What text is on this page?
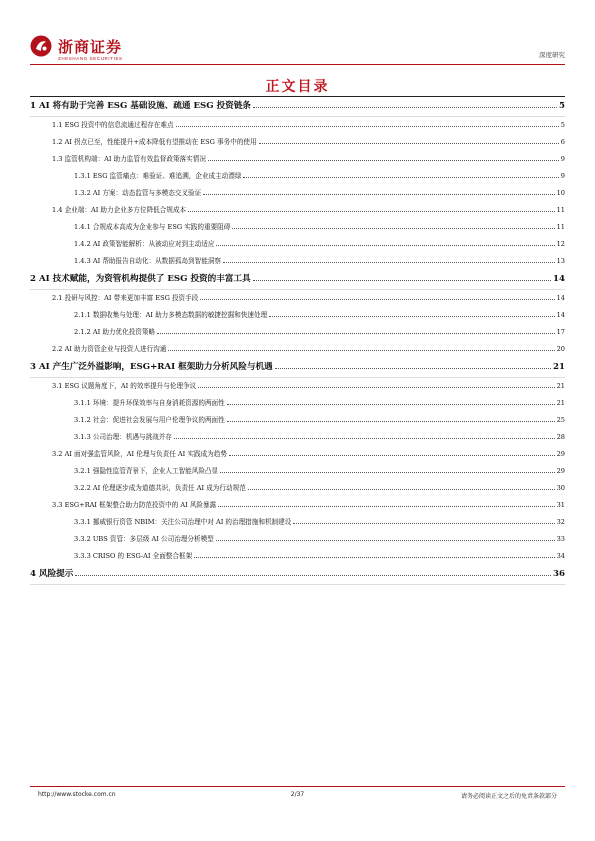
浙商证券
ZHESHANG SECURITIES	深度研究
正文目录
1 AI 将有助于完善 ESG 基础设施、疏通 ESG 投资链条	5
1.1 ESG 投资中的信息流通过程存在难点	5
1.2 AI 拐点已至，性能提升+成本降低有望推动在 ESG 事务中的使用	6
1.3 监管机构端：AI 助力监管有效监督政策落实情况	9
1.3.1 ESG 监管痛点：难验证、难追溯，企业成主动漂绿	9
1.3.2 AI 方案：动态监管与多模态交叉验证	10
1.4 企业端：AI 助力企业多方位降低合规成本	11
1.4.1 合规成本高成为企业参与 ESG 实践的重要阻碍	11
1.4.2 AI 政策智能解析：从被动应对到主动适应	12
1.4.3 AI 帮助报告自动化：从数据孤岛到智能洞察	13
2 AI 技术赋能，为资管机构提供了 ESG 投资的丰富工具	14
2.1 投研与风控：AI 带来更加丰富 ESG 投资手段	14
2.1.1 数据收集与处理：AI 助力多模态数据的敏捷挖掘和快速处理	14
2.1.2 AI 助力优化投资策略	17
2.2 AI 助力资管企业与投资人进行沟通	20
3 AI 产生广泛外溢影响，ESG+RAI 框架助力分析风险与机遇	21
3.1 ESG 议题角度下，AI 的效率提升与伦理争议	21
3.1.1 环境：提升环保效率与自身消耗资源的两面性	21
3.1.2 社会：促进社会发展与用户伦理争议的两面性	25
3.1.3 公司治理：机遇与挑战并存	28
3.2 AI 面对强监管风险，AI 伦理与负责任 AI 实践成为趋势	29
3.2.1 强隐性监管背景下，企业人工智能风险凸显	29
3.2.2 AI 伦理逐步成为道德共识，负责任 AI 成为行动规范	30
3.3 ESG+RAI 框架整合助力防范投资中的 AI 风险暴露	31
3.3.1 挪威银行资管 NBIM：关注公司治理中对 AI 的治理措施和机制建设	32
3.3.2 UBS 资管：多层级 AI 公司治理分析模型	33
3.3.3 CRISO 的 ESG-AI 全面整合框架	34
4 风险提示	36
http://www.stocke.com.cn	2/37	请务必阅读正文之后的免责条款部分
